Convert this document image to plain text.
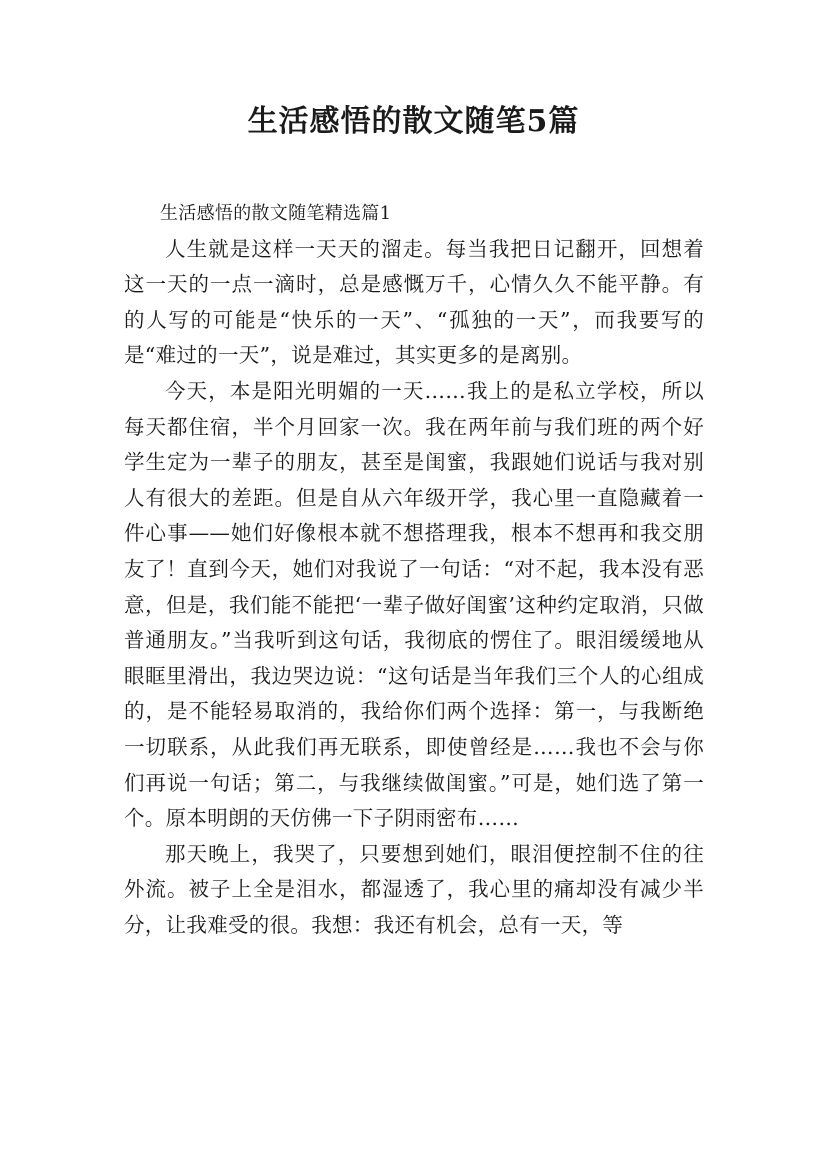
生活感悟的散文随笔5篇

生活感悟的散文随笔精选篇1

人生就是这样一天天的溜走。每当我把日记翻开，回想着这一天的一点一滴时，总是感慨万千，心情久久不能平静。有的人写的可能是“快乐的一天”、“孤独的一天”，而我要写的是“难过的一天”，说是难过，其实更多的是离别。

今天，本是阳光明媚的一天……我上的是私立学校，所以每天都住宿，半个月回家一次。我在两年前与我们班的两个好学生定为一辈子的朋友，甚至是闺蜜，我跟她们说话与我对别人有很大的差距。但是自从六年级开学，我心里一直隐藏着一件心事——她们好像根本就不想搭理我，根本不想再和我交朋友了！直到今天，她们对我说了一句话：“对不起，我本没有恶意，但是，我们能不能把‘一辈子做好闺蜜’这种约定取消，只做普通朋友。”当我听到这句话，我彻底的愣住了。眼泪缓缓地从眼眶里滑出，我边哭边说：“这句话是当年我们三个人的心组成的，是不能轻易取消的，我给你们两个选择：第一，与我断绝一切联系，从此我们再无联系，即使曾经是……我也不会与你们再说一句话；第二，与我继续做闺蜜。”可是，她们选了第一个。原本明朗的天仿佛一下子阴雨密布……

那天晚上，我哭了，只要想到她们，眼泪便控制不住的往外流。被子上全是泪水，都湿透了，我心里的痛却没有减少半分，让我难受的很。我想：我还有机会，总有一天，等
